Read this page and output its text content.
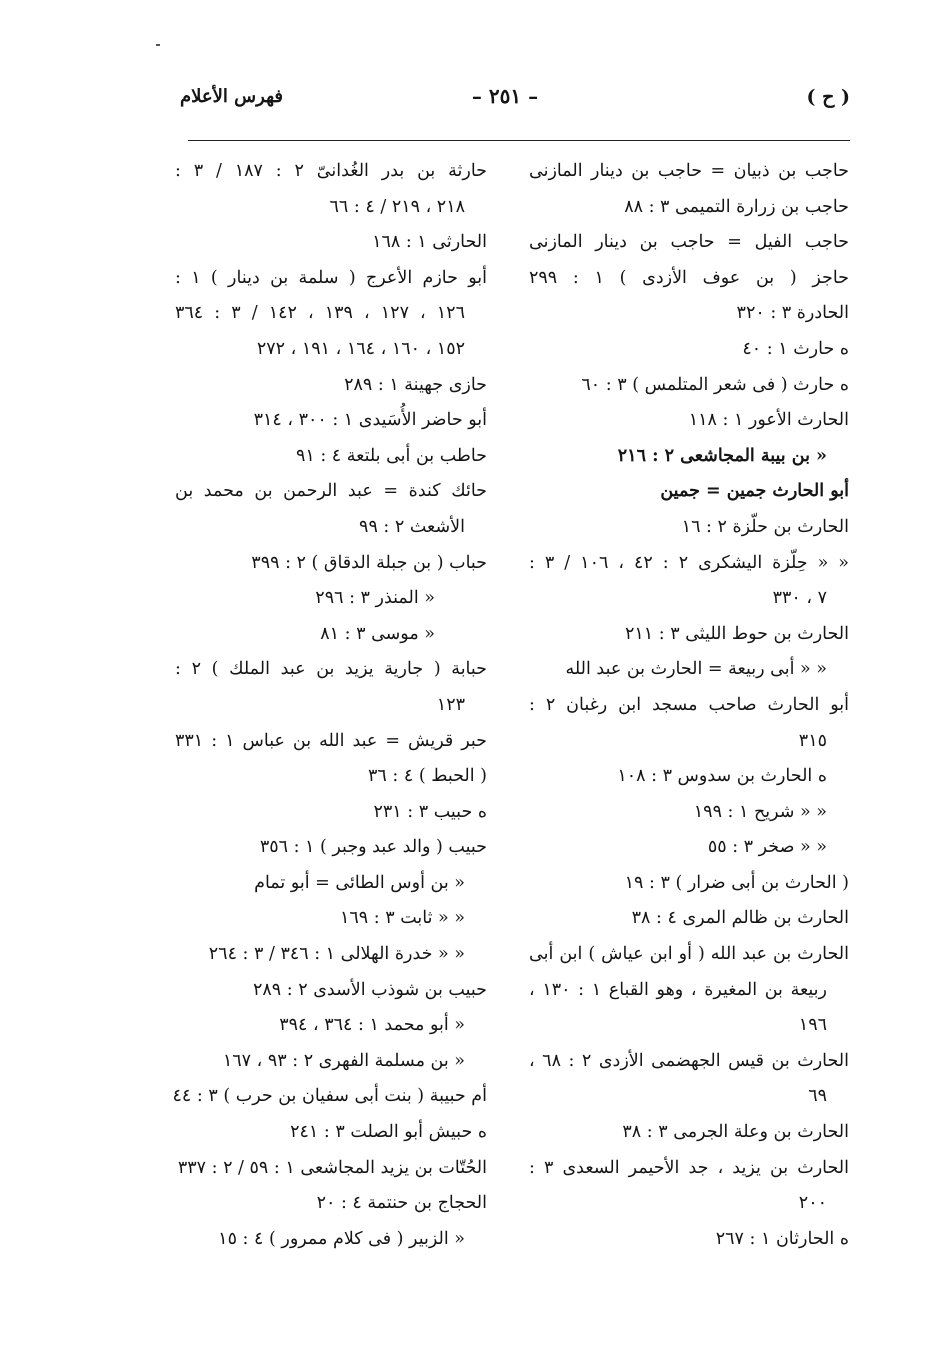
( ح )
– ٢٥١ –
فهرس الأعلام
حاجب بن ذبيان = حاجب بن دينار المازنى
حاجب بن زرارة التميمى ٣ : ٨٨
حاجب الفيل = حاجب بن دينار المازنى
حاجز ( بن عوف الأزدى ) ١ : ٢٩٩
الحادرة ٣ : ٣٢٠
ه حارث ١ : ٤٠
ه حارث ( فى شعر المتلمس ) ٣ : ٦٠
الحارث الأعور ١ : ١١٨
« بن بيبة المجاشعى ٢ : ٢١٦
أبو الحارث جمين = جمين
الحارث بن حلّزة ٢ : ١٦
« « حِلّزة اليشكرى ٢ : ٤٢ ، ١٠٦ / ٣ :
٧ ، ٣٣٠
الحارث بن حوط الليثى ٣ : ٢١١
« « أبى ربيعة = الحارث بن عبد الله
أبو الحارث صاحب مسجد ابن رغبان ٢ :
٣١٥
ه الحارث بن سدوس ٣ : ١٠٨
« « شريح ١ : ١٩٩
« « صخر ٣ : ٥٥
( الحارث بن أبى ضرار ) ٣ : ١٩
الحارث بن ظالم المرى ٤ : ٣٨
الحارث بن عبد الله ( أو ابن عياش ) ابن أبى
ربيعة بن المغيرة ، وهو القباع ١ : ١٣٠ ،
١٩٦
الحارث بن قيس الجهضمى الأزدى ٢ : ٦٨ ،
٦٩
الحارث بن وعلة الجرمى ٣ : ٣٨
الحارث بن يزيد ، جد الأحيمر السعدى ٣ :
٢٠٠
ه الحارثان ١ : ٢٦٧
حارثة بن بدر الغُدانىّ ٢ : ١٨٧ / ٣ :
٢١٨ ، ٢١٩ / ٤ : ٦٦
الحارثى ١ : ١٦٨
أبو حازم الأعرج ( سلمة بن دينار ) ١ :
١٢٦ ، ١٢٧ ، ١٣٩ ، ١٤٢ / ٣ : ٣٦٤
١٥٢ ، ١٦٠ ، ١٦٤ ، ١٩١ ، ٢٧٢
حازى جهينة ١ : ٢٨٩
أبو حاضر الأُسَيدى ١ : ٣٠٠ ، ٣١٤
حاطب بن أبى بلتعة ٤ : ٩١
حائك كندة = عبد الرحمن بن محمد بن
الأشعث ٢ : ٩٩
حباب ( بن جبلة الدقاق ) ٢ : ٣٩٩
« المنذر ٣ : ٢٩٦
« موسى ٣ : ٨١
حبابة ( جارية يزيد بن عبد الملك ) ٢ :
١٢٣
حبر قريش = عبد الله بن عباس ١ : ٣٣١
( الحبط ) ٤ : ٣٦
ه حبيب ٣ : ٢٣١
حبيب ( والد عبد وجبر ) ١ : ٣٥٦
« بن أوس الطائى = أبو تمام
« « ثابت ٣ : ١٦٩
« « خدرة الهلالى ١ : ٣٤٦ / ٣ : ٢٦٤
حبيب بن شوذب الأسدى ٢ : ٢٨٩
« أبو محمد ١ : ٣٦٤ ، ٣٩٤
« بن مسلمة الفهرى ٢ : ٩٣ ، ١٦٧
أم حبيبة ( بنت أبى سفيان بن حرب ) ٣ : ٤٤
ه حبيش أبو الصلت ٣ : ٢٤١
الحُتّات بن يزيد المجاشعى ١ : ٥٩ / ٢ : ٣٣٧
الحجاج بن حنتمة ٤ : ٢٠
« الزبير ( فى كلام ممرور ) ٤ : ١٥
